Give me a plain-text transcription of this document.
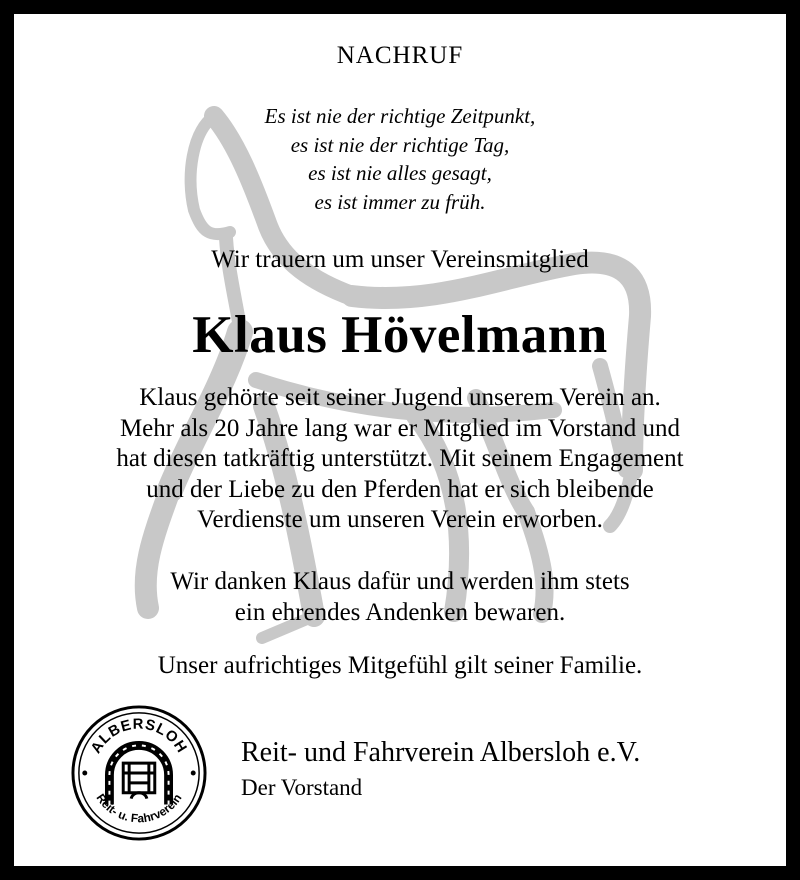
NACHRUF
Es ist nie der richtige Zeitpunkt,
es ist nie der richtige Tag,
es ist nie alles gesagt,
es ist immer zu früh.
Wir trauern um unser Vereinsmitglied
Klaus Hövelmann
Klaus gehörte seit seiner Jugend unserem Verein an.
Mehr als 20 Jahre lang war er Mitglied im Vorstand und
hat diesen tatkräftig unterstützt. Mit seinem Engagement
und der Liebe zu den Pferden hat er sich bleibende
Verdienste um unseren Verein erworben.
Wir danken Klaus dafür und werden ihm stets
ein ehrendes Andenken bewaren.
Unser aufrichtiges Mitgefühl gilt seiner Familie.
ALBERSLOH
Reit- u. Fahrverein
Reit- und Fahrverein Albersloh e.V.
Der Vorstand
